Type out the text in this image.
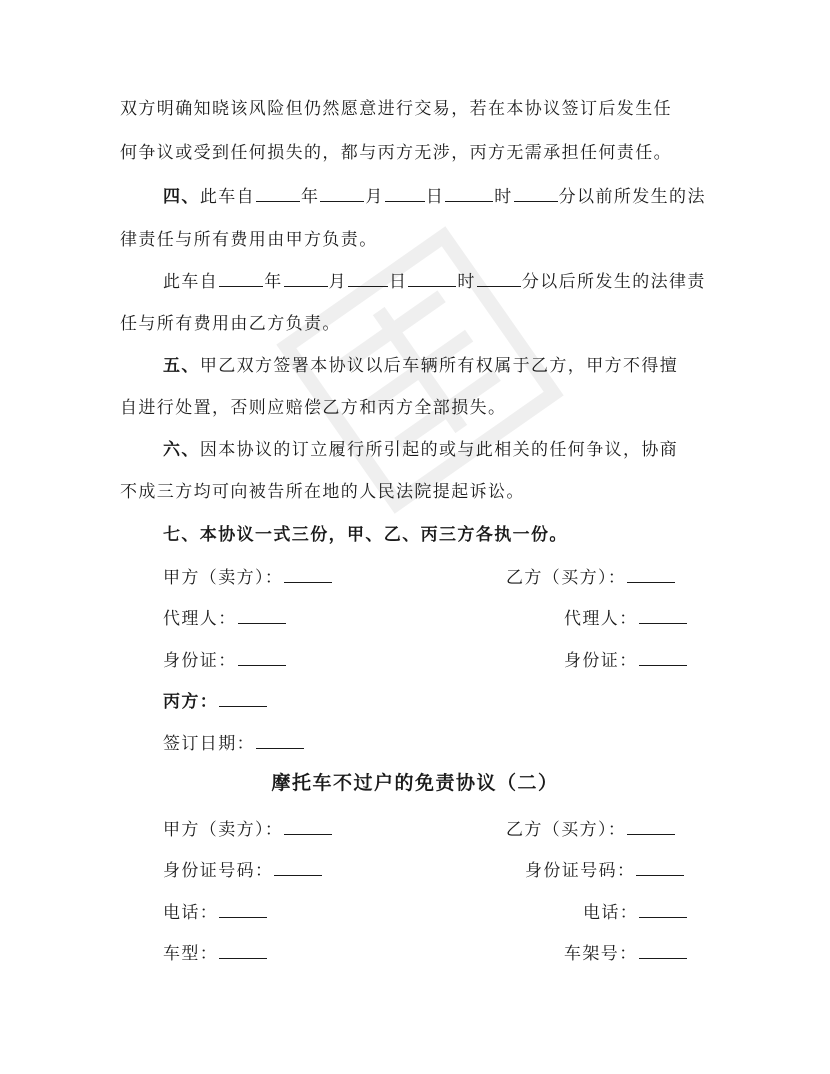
双方明确知晓该风险但仍然愿意进行交易，若在本协议签订后发生任
何争议或受到任何损失的，都与丙方无涉，丙方无需承担任何责任。
四、此车自	年	月 日	时	分以前所发生的法
律责任与所有费用由甲方负责。
此车自	年	月 日	时	分以后所发生的法律责
任与所有费用由乙方负责。
五、甲乙双方签署本协议以后车辆所有权属于乙方，甲方不得擅
自进行处置，否则应赔偿乙方和丙方全部损失。
六、因本协议的订立履行所引起的或与此相关的任何争议，协商
不成三方均可向被告所在地的人民法院提起诉讼。
七、本协议一式三份，甲、乙、丙三方各执一份。
甲方（卖方）：	乙方（买方）：
代理人：	代理人：
身份证：	身份证：
丙方：
签订日期：
摩托车不过户的免责协议（二）
甲方（卖方）：	乙方（买方）：
身份证号码：	身份证号码：
电话：	电话：
车型：	车架号：
